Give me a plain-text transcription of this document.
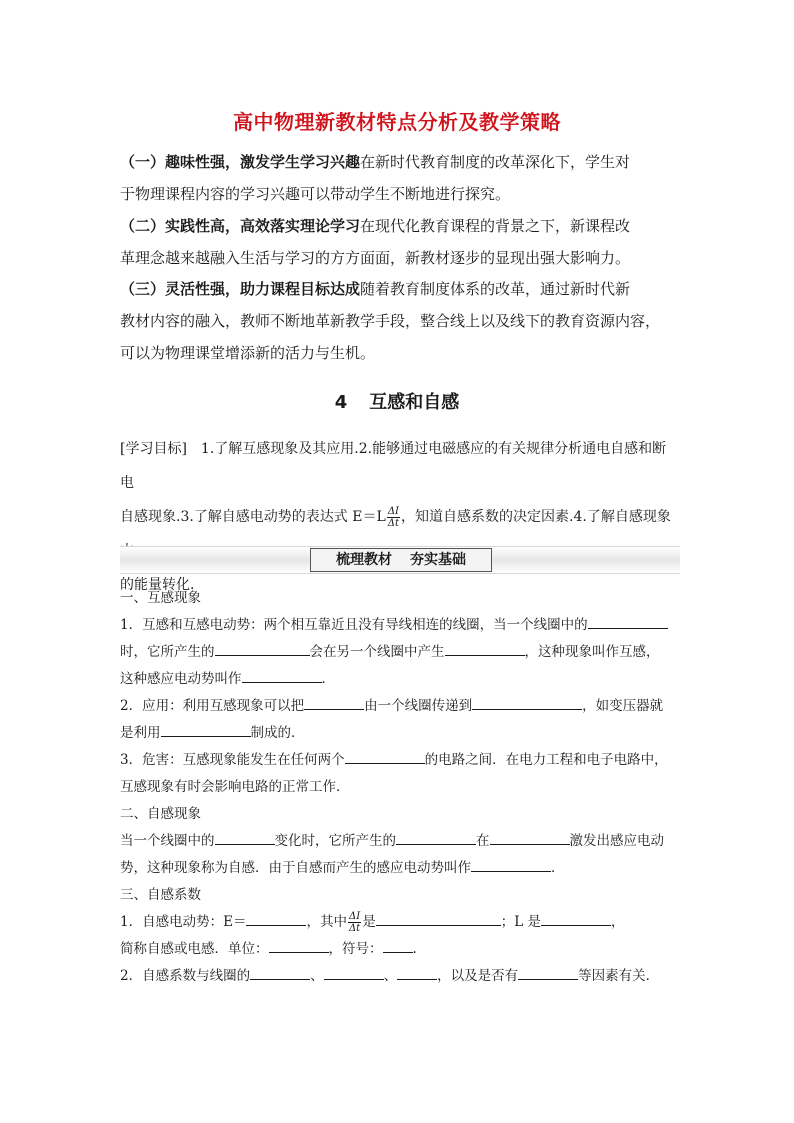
高中物理新教材特点分析及教学策略
（一）趣味性强，激发学生学习兴趣在新时代教育制度的改革深化下，学生对
于物理课程内容的学习兴趣可以带动学生不断地进行探究。
（二）实践性高，高效落实理论学习在现代化教育课程的背景之下，新课程改
革理念越来越融入生活与学习的方方面面，新教材逐步的显现出强大影响力。
（三）灵活性强，助力课程目标达成随着教育制度体系的改革，通过新时代新
教材内容的融入，教师不断地革新教学手段，整合线上以及线下的教育资源内容，
可以为物理课堂增添新的活力与生机。
4 互感和自感
[学习目标]　1.了解互感现象及其应用.2.能够通过电磁感应的有关规律分析通电自感和断电
自感现象.3.了解自感电动势的表达式 $E=L \frac{\Delta I}{\Delta t}$ ，知道自感系数的决定因素.4.了解自感现象
的能量转化．
梳理教材 夯实基础
一、互感现象
1．互感和互感电动势：两个相互靠近且没有导线相连的线圈，当一个线圈中的
时，它所产生的	会在另一个线圈中产生	，这种现象叫作互感，
这种感应电动势叫作	．
2．应用：利用互感现象可以把	由一个线圈传递到	，如变压器就
是利用	制成的．
3．危害：互感现象能发生在任何两个	的电路之间．在电力工程和电子电路中，
互感现象有时会影响电路的正常工作．
二、自感现象
当一个线圈中的	变化时，它所产生的	在	激发出感应电动
势，这种现象称为自感．由于自感而产生的感应电动势叫作	．
三、自感系数
1．自感电动势：E＝	，其中 $\frac{\Delta I}{\Delta t}$ 是	；L 是	，
简称自感或电感．单位：	，符号： .
2．自感系数与线圈的	、	、	，以及是否有	等因素有关．
